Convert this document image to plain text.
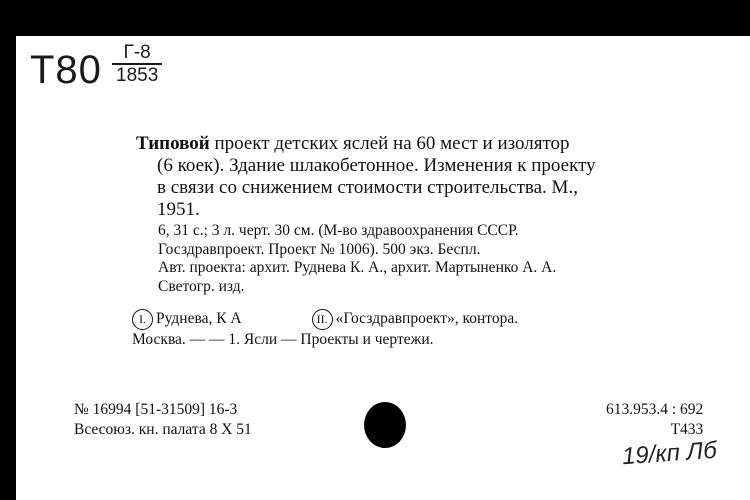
Т80	Г-8
1853
Типовой проект детских яслей на 60 мест и изолятор
(6 коек). Здание шлакобетонное. Изменения к проекту
в связи со снижением стоимости строительства. М.,
1951.
6, 31 с.; 3 л. черт. 30 см. (М-во здравоохранения СССР.
Госздравпроект. Проект № 1006). 500 экз. Беспл.
Авт. проекта: архит. Руднева К. А., архит. Мартыненко А. А.
Светогр. изд.
I. Руднева, К А	II. «Госздравпроект», контора.
Москва. — — 1. Ясли — Проекты и чертежи.
№ 16994 [51-31509] 16-3
Всесоюз. кн. палата 8 X 51
613.953.4 : 692
Т433
19/кп Лб
